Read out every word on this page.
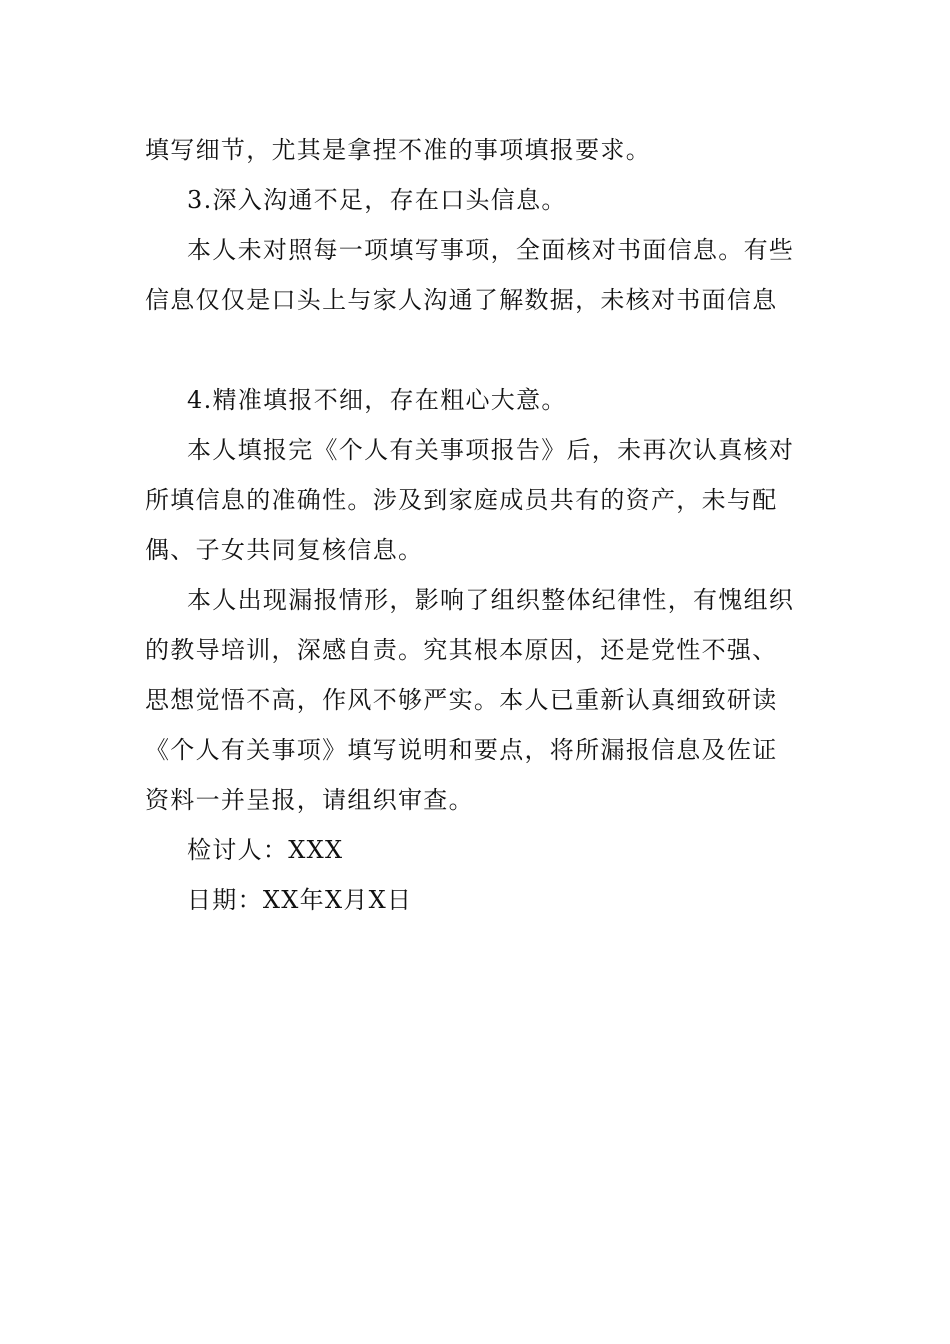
填写细节，尤其是拿捏不准的事项填报要求。
3.深入沟通不足，存在口头信息。
本人未对照每一项填写事项，全面核对书面信息。有些
信息仅仅是口头上与家人沟通了解数据，未核对书面信息
4.精准填报不细，存在粗心大意。
本人填报完《个人有关事项报告》后，未再次认真核对
所填信息的准确性。涉及到家庭成员共有的资产，未与配
偶、子女共同复核信息。
本人出现漏报情形，影响了组织整体纪律性，有愧组织
的教导培训，深感自责。究其根本原因，还是党性不强、
思想觉悟不高，作风不够严实。本人已重新认真细致研读
《个人有关事项》填写说明和要点，将所漏报信息及佐证
资料一并呈报，请组织审查。
检讨人：XXX
日期：XX年X月X日
